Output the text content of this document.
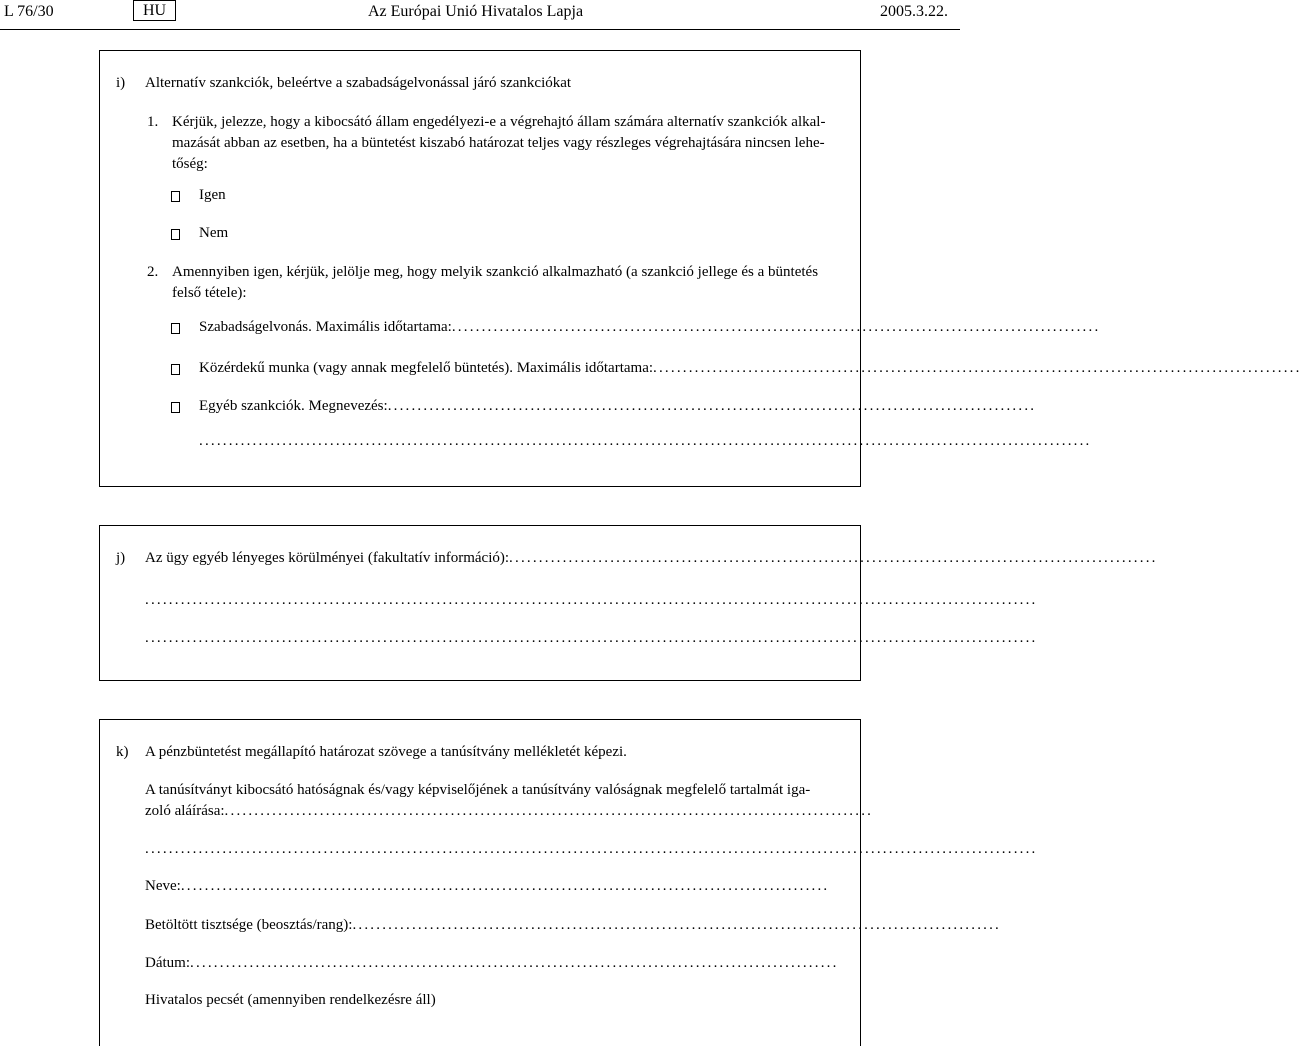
L 76/30	HU	Az Európai Unió Hivatalos Lapja	2005.3.22.
i) Alternatív szankciók, beleértve a szabadságelvonással járó szankciókat
1. Kérjük, jelezze, hogy a kibocsátó állam engedélyezi-e a végrehajtó állam számára alternatív szankciók alkal-
mazását abban az esetben, ha a büntetést kiszabó határozat teljes vagy részleges végrehajtására nincsen lehe-
tőség:
Igen
Nem
2. Amennyiben igen, kérjük, jelölje meg, hogy melyik szankció alkalmazható (a szankció jellege és a büntetés
felső tétele):
Szabadságelvonás. Maximális időtartama: .............................................................................................................
Közérdekű munka (vagy annak megfelelő büntetés). Maximális időtartama: .............................................................................................................
Egyéb szankciók. Megnevezés: .............................................................................................................
......................................................................................................................................................
j) Az ügy egyéb lényeges körülményei (fakultatív információ): .............................................................................................................
......................................................................................................................................................
......................................................................................................................................................
k) A pénzbüntetést megállapító határozat szövege a tanúsítvány mellékletét képezi.
A tanúsítványt kibocsátó hatóságnak és/vagy képviselőjének a tanúsítvány valóságnak megfelelő tartalmát iga-
zoló aláírása: .............................................................................................................
......................................................................................................................................................
Neve: .............................................................................................................
Betöltött tisztsége (beosztás/rang): .............................................................................................................
Dátum: .............................................................................................................
Hivatalos pecsét (amennyiben rendelkezésre áll)
